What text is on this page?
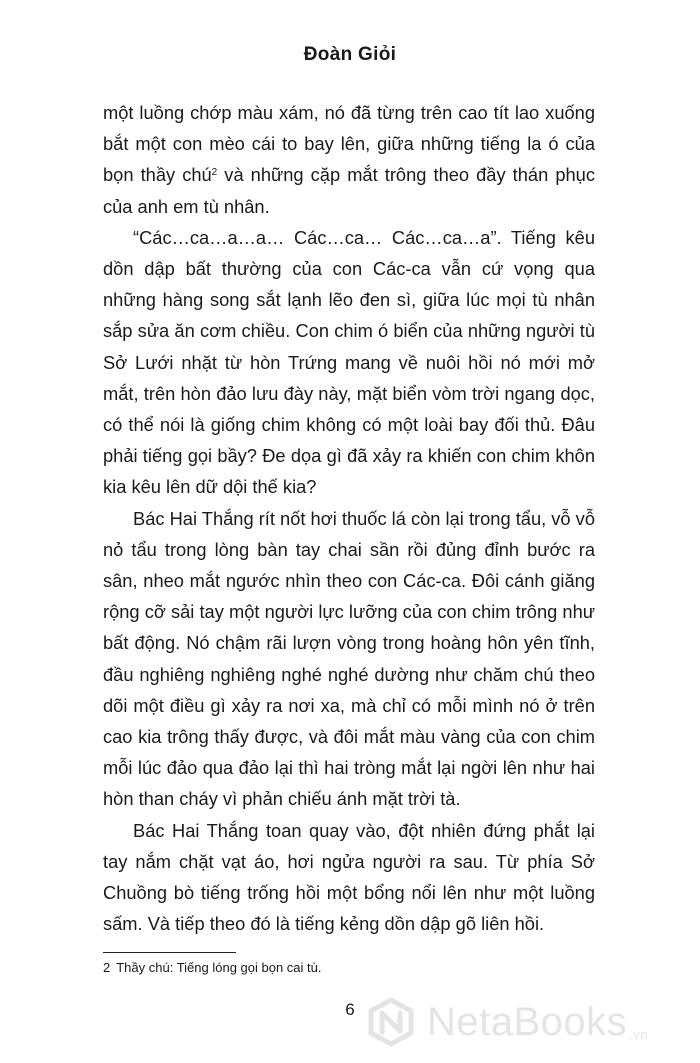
Đoàn Giỏi

một luồng chớp màu xám, nó đã từng trên cao tít lao xuống bắt một con mèo cái to bay lên, giữa những tiếng la ó của bọn thầy chú$^2$ và những cặp mắt trông theo đầy thán phục của anh em tù nhân.

“Các…ca…a…a… Các…ca… Các…ca…a”. Tiếng kêu dồn dập bất thường của con Các-ca vẫn cứ vọng qua những hàng song sắt lạnh lẽo đen sì, giữa lúc mọi tù nhân sắp sửa ăn cơm chiều. Con chim ó biển của những người tù Sở Lưới nhặt từ hòn Trứng mang về nuôi hồi nó mới mở mắt, trên hòn đảo lưu đày này, mặt biển vòm trời ngang dọc, có thể nói là giống chim không có một loài bay đối thủ. Đâu phải tiếng gọi bầy? Đe dọa gì đã xảy ra khiến con chim khôn kia kêu lên dữ dội thế kia?

Bác Hai Thắng rít nốt hơi thuốc lá còn lại trong tẩu, vỗ vỗ nỏ tẩu trong lòng bàn tay chai sần rồi đủng đỉnh bước ra sân, nheo mắt ngước nhìn theo con Các-ca. Đôi cánh giăng rộng cỡ sải tay một người lực lưỡng của con chim trông như bất động. Nó chậm rãi lượn vòng trong hoàng hôn yên tĩnh, đầu nghiêng nghiêng nghé nghé dường như chăm chú theo dõi một điều gì xảy ra nơi xa, mà chỉ có mỗi mình nó ở trên cao kia trông thấy được, và đôi mắt màu vàng của con chim mỗi lúc đảo qua đảo lại thì hai tròng mắt lại ngời lên như hai hòn than cháy vì phản chiếu ánh mặt trời tà.

Bác Hai Thắng toan quay vào, đột nhiên đứng phắt lại tay nắm chặt vạt áo, hơi ngửa người ra sau. Từ phía Sở Chuồng bò tiếng trống hồi một bổng nổi lên như một luồng sấm. Và tiếp theo đó là tiếng kẻng dồn dập gõ liên hồi.

2 Thầy chú: Tiếng lóng gọi bọn cai tù.
6	NetaBooks .vn
